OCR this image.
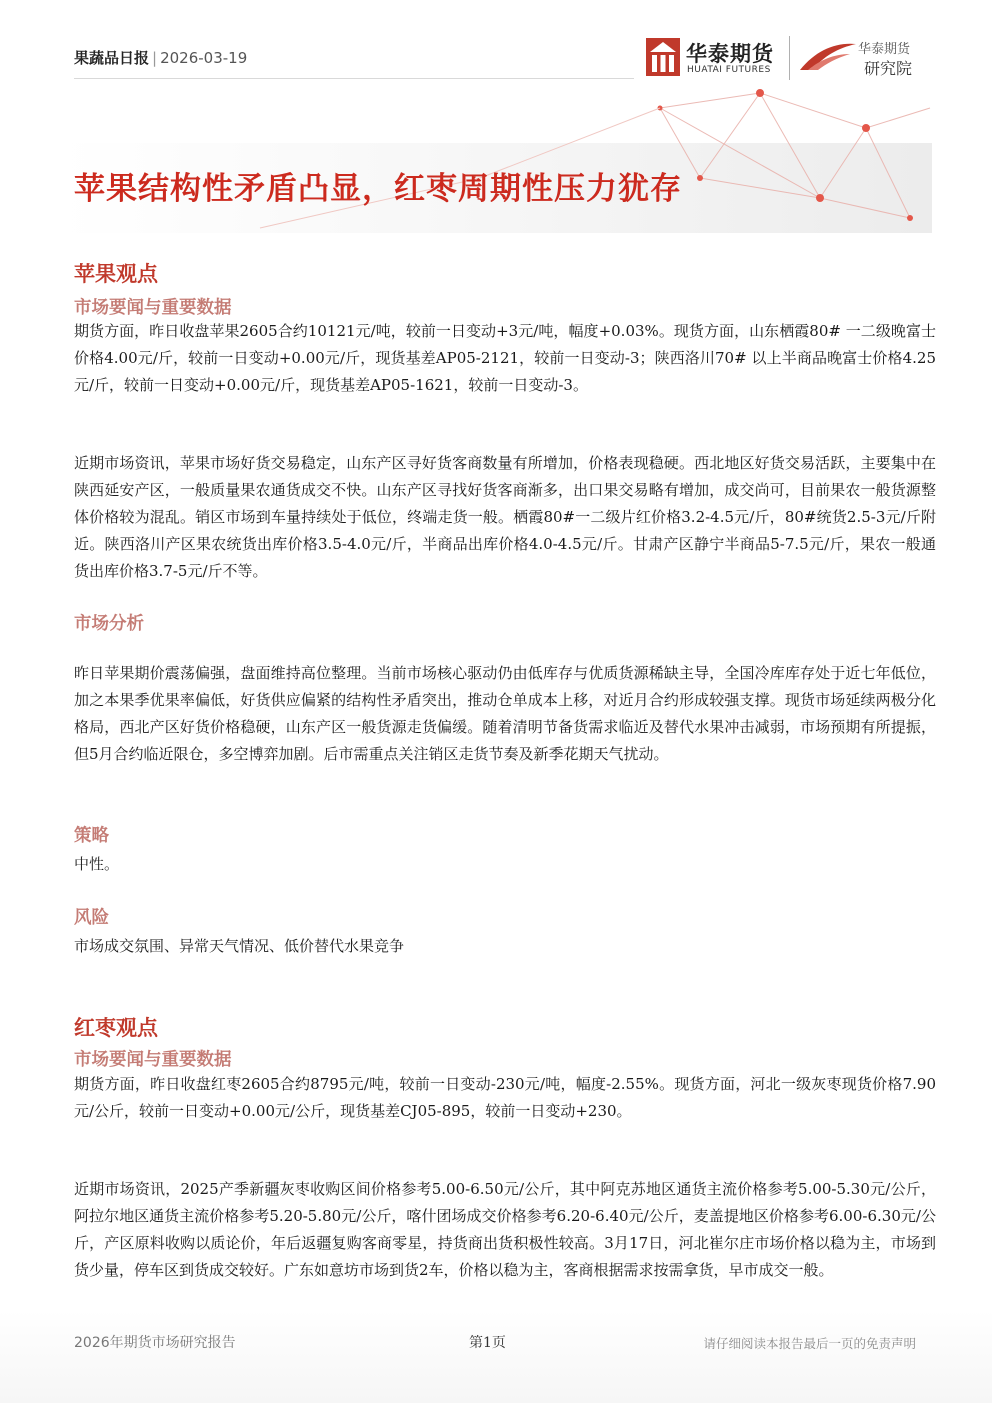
果蔬品日报 | 2026-03-19	华泰期货
HUATAI FUTURES
华泰期货
研究院
苹果结构性矛盾凸显，红枣周期性压力犹存
苹果观点
市场要闻与重要数据

期货方面，昨日收盘苹果2605合约10121元/吨，较前一日变动+3元/吨，幅度+0.03%。现货方面，山东栖霞80# 一二级晚富士价格4.00元/斤，较前一日变动+0.00元/斤，现货基差AP05-2121，较前一日变动-3；陕西洛川70# 以上半商品晚富士价格4.25元/斤，较前一日变动+0.00元/斤，现货基差AP05-1621，较前一日变动-3。

近期市场资讯，苹果市场好货交易稳定，山东产区寻好货客商数量有所增加，价格表现稳硬。西北地区好货交易活跃，主要集中在陕西延安产区，一般质量果农通货成交不快。山东产区寻找好货客商渐多，出口果交易略有增加，成交尚可，目前果农一般货源整体价格较为混乱。销区市场到车量持续处于低位，终端走货一般。栖霞80#一二级片红价格3.2-4.5元/斤，80#统货2.5-3元/斤附近。陕西洛川产区果农统货出库价格3.5-4.0元/斤，半商品出库价格4.0-4.5元/斤。甘肃产区静宁半商品5-7.5元/斤，果农一般通货出库价格3.7-5元/斤不等。

市场分析

昨日苹果期价震荡偏强，盘面维持高位整理。当前市场核心驱动仍由低库存与优质货源稀缺主导，全国冷库库存处于近七年低位，加之本果季优果率偏低，好货供应偏紧的结构性矛盾突出，推动仓单成本上移，对近月合约形成较强支撑。现货市场延续两极分化格局，西北产区好货价格稳硬，山东产区一般货源走货偏缓。随着清明节备货需求临近及替代水果冲击减弱，市场预期有所提振，但5月合约临近限仓，多空博弈加剧。后市需重点关注销区走货节奏及新季花期天气扰动。

策略

中性。

风险

市场成交氛围、异常天气情况、低价替代水果竞争

红枣观点
市场要闻与重要数据

期货方面，昨日收盘红枣2605合约8795元/吨，较前一日变动-230元/吨，幅度-2.55%。现货方面，河北一级灰枣现货价格7.90元/公斤，较前一日变动+0.00元/公斤，现货基差CJ05-895，较前一日变动+230。

近期市场资讯，2025产季新疆灰枣收购区间价格参考5.00-6.50元/公斤，其中阿克苏地区通货主流价格参考5.00-5.30元/公斤，阿拉尔地区通货主流价格参考5.20-5.80元/公斤，喀什团场成交价格参考6.20-6.40元/公斤，麦盖提地区价格参考6.00-6.30元/公斤，产区原料收购以质论价，年后返疆复购客商零星，持货商出货积极性较高。3月17日，河北崔尔庄市场价格以稳为主，市场到货少量，停车区到货成交较好。广东如意坊市场到货2车，价格以稳为主，客商根据需求按需拿货，早市成交一般。

2026年期货市场研究报告	第1页	请仔细阅读本报告最后一页的免责声明
